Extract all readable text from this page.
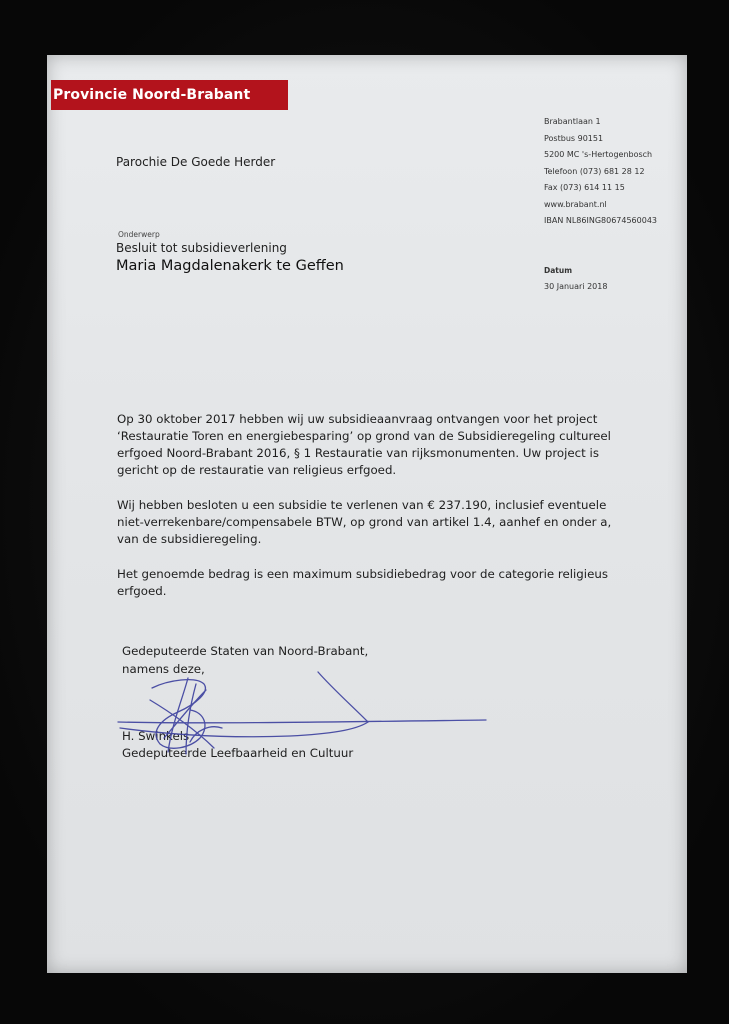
Provincie Noord-Brabant
Brabantlaan 1
Postbus 90151
5200 MC 's-Hertogenbosch
Telefoon (073) 681 28 12
Fax (073) 614 11 15
www.brabant.nl
IBAN NL86ING80674560043
Datum
30 Januari 2018
Parochie De Goede Herder
Onderwerp
Besluit tot subsidieverlening
Maria Magdalenakerk te Geffen

Op 30 oktober 2017 hebben wij uw subsidieaanvraag ontvangen voor het project
‘Restauratie Toren en energiebesparing’ op grond van de Subsidieregeling cultureel
erfgoed Noord-Brabant 2016, § 1 Restauratie van rijksmonumenten. Uw project is
gericht op de restauratie van religieus erfgoed.

Wij hebben besloten u een subsidie te verlenen van € 237.190, inclusief eventuele
niet-verrekenbare/compensabele BTW, op grond van artikel 1.4, aanhef en onder a,
van de subsidieregeling.

Het genoemde bedrag is een maximum subsidiebedrag voor de categorie religieus
erfgoed.

Gedeputeerde Staten van Noord-Brabant,
namens deze,
H. Swinkels
Gedeputeerde Leefbaarheid en Cultuur
